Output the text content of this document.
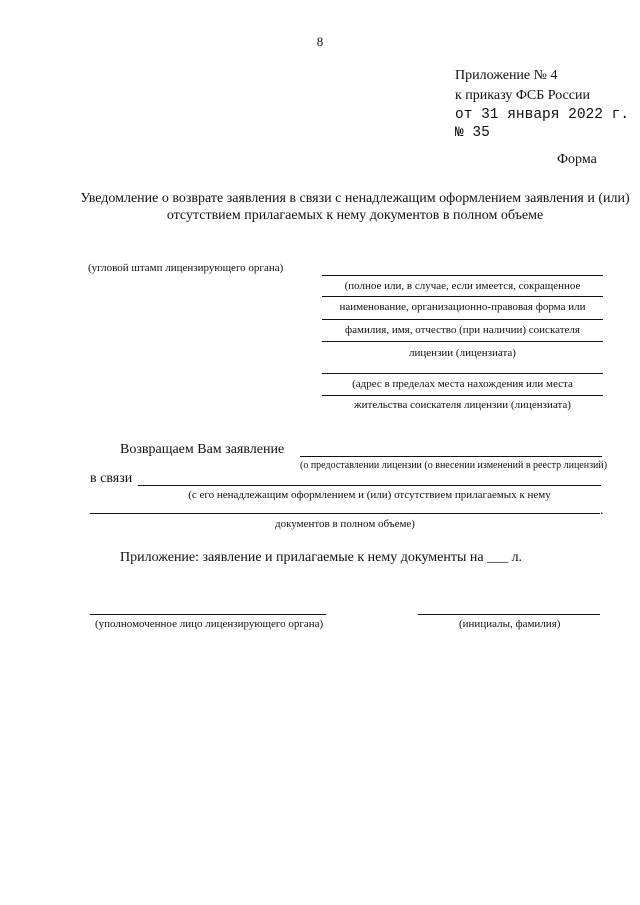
8
Приложение № 4
к приказу ФСБ России
от 31 января 2022 г.
№ 35
Форма
Уведомление о возврате заявления в связи с ненадлежащим оформлением заявления и (или) отсутствием прилагаемых к нему документов в полном объеме
(угловой штамп лицензирующего органа)
(полное или, в случае, если имеется, сокращенное
наименование, организационно-правовая форма или
фамилия, имя, отчество (при наличии) соискателя
лицензии (лицензиата)
(адрес в пределах места нахождения или места
жительства соискателя лицензии (лицензиата)
Возвращаем Вам заявление
(о предоставлении лицензии (о внесении изменений в реестр лицензий)
в связи
(с его ненадлежащим оформлением и (или) отсутствием прилагаемых к нему
.
документов в полном объеме)
Приложение: заявление и прилагаемые к нему документы на ___ л.
(уполномоченное лицо лицензирующего органа)	(инициалы, фамилия)
